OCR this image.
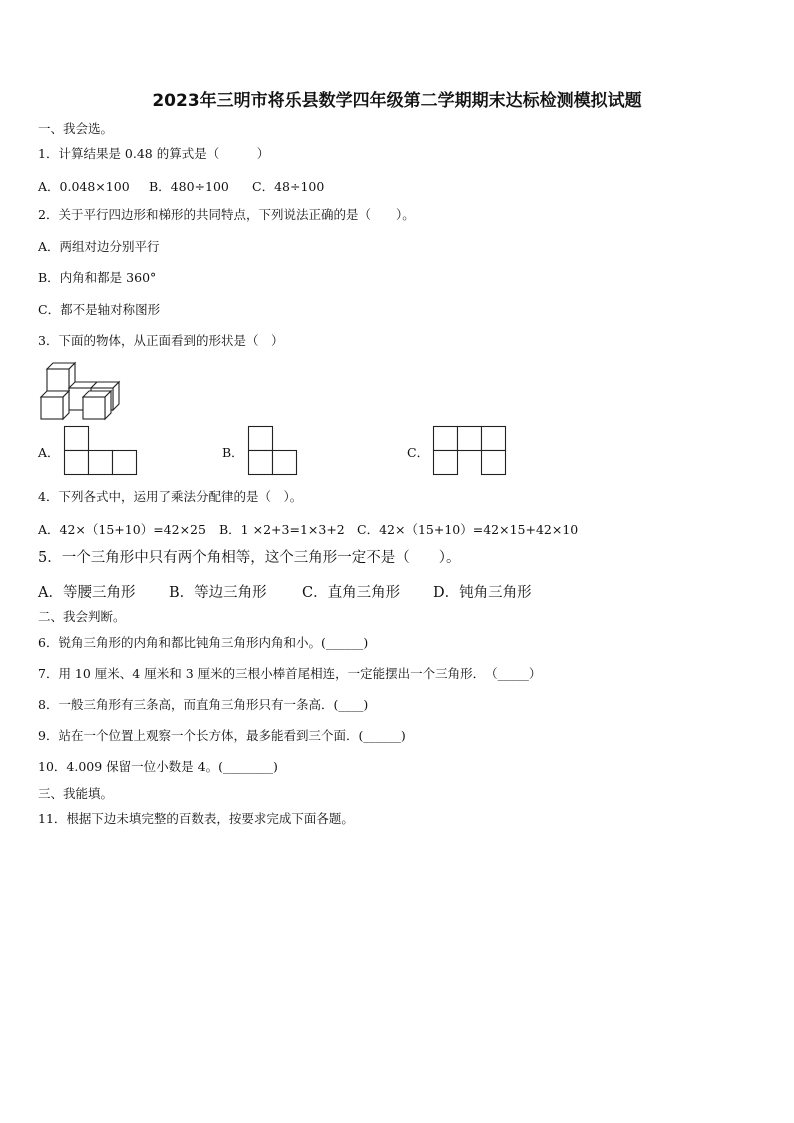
2023年三明市将乐县数学四年级第二学期期末达标检测模拟试题
一、我会选。
1．计算结果是 0.48 的算式是（　　　）
A．0.048×100 B．480÷100 C．48÷100
2．关于平行四边形和梯形的共同特点，下列说法正确的是（　　）。
A．两组对边分别平行
B．内角和都是 360°
C．都不是轴对称图形
3．下面的物体，从正面看到的形状是（　）
A．	B．	C．
4．下列各式中，运用了乘法分配律的是（　）。
A．42×（15+10）=42×25 B．1 ×2+3=1×3+2 C．42×（15+10）=42×15+42×10
5．一个三角形中只有两个角相等，这个三角形一定不是（　　）。
A．等腰三角形 B．等边三角形 C．直角三角形 D．钝角三角形
二、我会判断。
6．锐角三角形的内角和都比钝角三角形内角和小。(______)
7．用 10 厘米、4 厘米和 3 厘米的三根小棒首尾相连，一定能摆出一个三角形．　（_____）
8．一般三角形有三条高，而直角三角形只有一条高．(____)
9．站在一个位置上观察一个长方体，最多能看到三个面．(______)
10．4.009 保留一位小数是 4。(________)
三、我能填。
11．根据下边未填完整的百数表，按要求完成下面各题。
